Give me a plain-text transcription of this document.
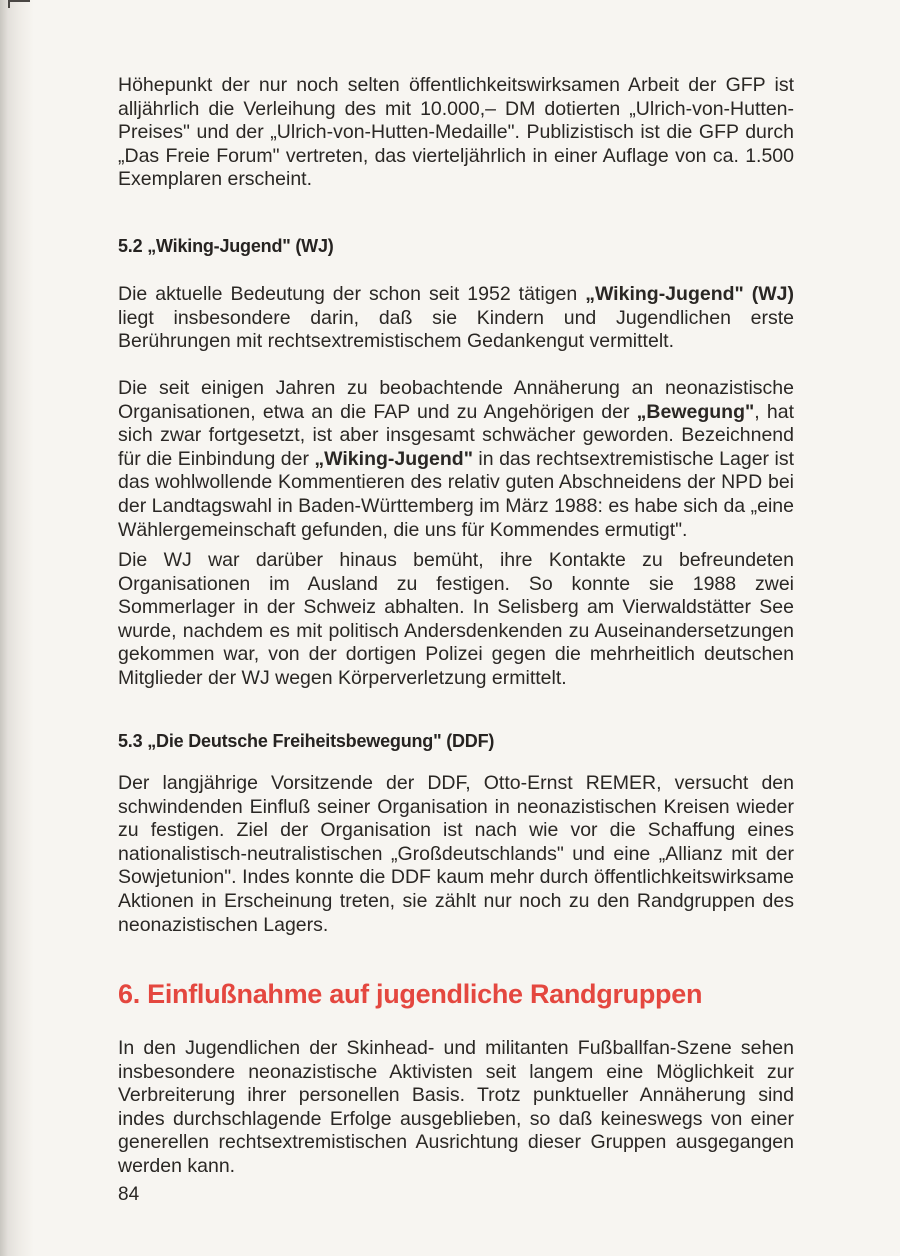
Höhepunkt der nur noch selten öffentlichkeitswirksamen Arbeit der GFP ist alljährlich die Verleihung des mit 10.000,– DM dotierten „Ulrich-von-Hutten-Preises" und der „Ulrich-von-Hutten-Medaille". Publizistisch ist die GFP durch „Das Freie Forum" vertreten, das vierteljährlich in einer Auflage von ca. 1.500 Exemplaren erscheint.

5.2 „Wiking-Jugend" (WJ)

Die aktuelle Bedeutung der schon seit 1952 tätigen „Wiking-Jugend" (WJ) liegt insbesondere darin, daß sie Kindern und Jugendlichen erste Berührungen mit rechtsextremistischem Gedankengut vermittelt.

Die seit einigen Jahren zu beobachtende Annäherung an neonazistische Organisationen, etwa an die FAP und zu Angehörigen der „Bewegung", hat sich zwar fortgesetzt, ist aber insgesamt schwächer geworden. Bezeichnend für die Einbindung der „Wiking-Jugend" in das rechtsextremistische Lager ist das wohlwollende Kommentieren des relativ guten Abschneidens der NPD bei der Landtagswahl in Baden-Württemberg im März 1988: es habe sich da „eine Wählergemeinschaft gefunden, die uns für Kommendes ermutigt".

Die WJ war darüber hinaus bemüht, ihre Kontakte zu befreundeten Organisationen im Ausland zu festigen. So konnte sie 1988 zwei Sommerlager in der Schweiz abhalten. In Selisberg am Vierwaldstätter See wurde, nachdem es mit politisch Andersdenkenden zu Auseinandersetzungen gekommen war, von der dortigen Polizei gegen die mehrheitlich deutschen Mitglieder der WJ wegen Körperverletzung ermittelt.

5.3 „Die Deutsche Freiheitsbewegung" (DDF)

Der langjährige Vorsitzende der DDF, Otto-Ernst REMER, versucht den schwindenden Einfluß seiner Organisation in neonazistischen Kreisen wieder zu festigen. Ziel der Organisation ist nach wie vor die Schaffung eines nationalistisch-neutralistischen „Großdeutschlands" und eine „Allianz mit der Sowjetunion". Indes konnte die DDF kaum mehr durch öffentlichkeitswirksame Aktionen in Erscheinung treten, sie zählt nur noch zu den Randgruppen des neonazistischen Lagers.

6. Einflußnahme auf jugendliche Randgruppen

In den Jugendlichen der Skinhead- und militanten Fußballfan-Szene sehen insbesondere neonazistische Aktivisten seit langem eine Möglichkeit zur Verbreiterung ihrer personellen Basis. Trotz punktueller Annäherung sind indes durchschlagende Erfolge ausgeblieben, so daß keineswegs von einer generellen rechtsextremistischen Ausrichtung dieser Gruppen ausgegangen werden kann.

84
